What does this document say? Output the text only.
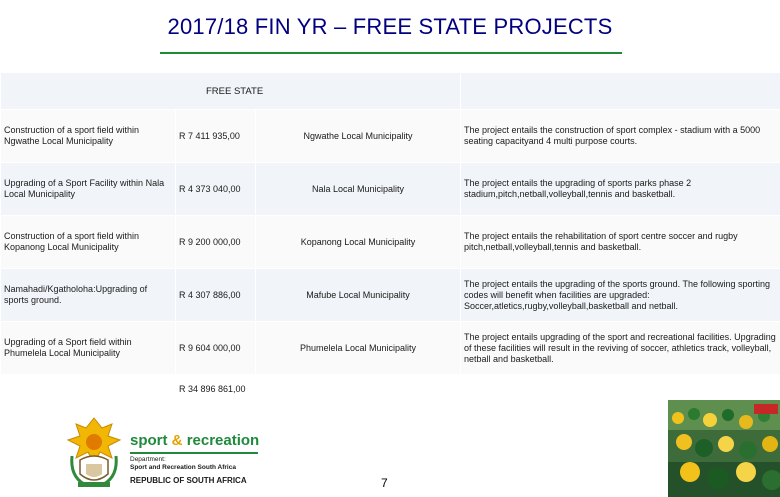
2017/18 FIN YR – FREE STATE PROJECTS
FREE STATE			
Construction of a sport field within Ngwathe Local Municipality	R 7 411 935,00	Ngwathe Local Municipality	The project entails the construction of sport complex - stadium with a 5000 seating capacityand 4 multi purpose courts.
Upgrading of a Sport Facility within Nala Local Municipality	R 4 373 040,00	Nala Local Municipality	The project entails the upgrading of sports parks phase 2 stadium,pitch,netball,volleyball,tennis and basketball.
Construction of a sport field within Kopanong Local Municipality	R 9 200 000,00	Kopanong Local Municipality	The project entails the rehabilitation of sport centre soccer and rugby pitch,netball,volleyball,tennis and basketball.
Namahadi/Kgatholoha:Upgrading of sports ground.	R 4 307 886,00	Mafube Local Municipality	The project entails the upgrading of the sports ground. The following sporting codes will benefit when facilities are upgraded: Soccer,atletics,rugby,volleyball,basketball and netball.
Upgrading of a Sport field within Phumelela Local Municipality	R 9 604 000,00	Phumelela Local Municipality	The project entails upgrading of the sport and recreational facilities. Upgrading of these facilities will result in the reviving of soccer, athletics track, volleyball, netball and basketball.
	R 34 896 861,00		
sport & recreation
Department:
Sport and Recreation South Africa
REPUBLIC OF SOUTH AFRICA	7
